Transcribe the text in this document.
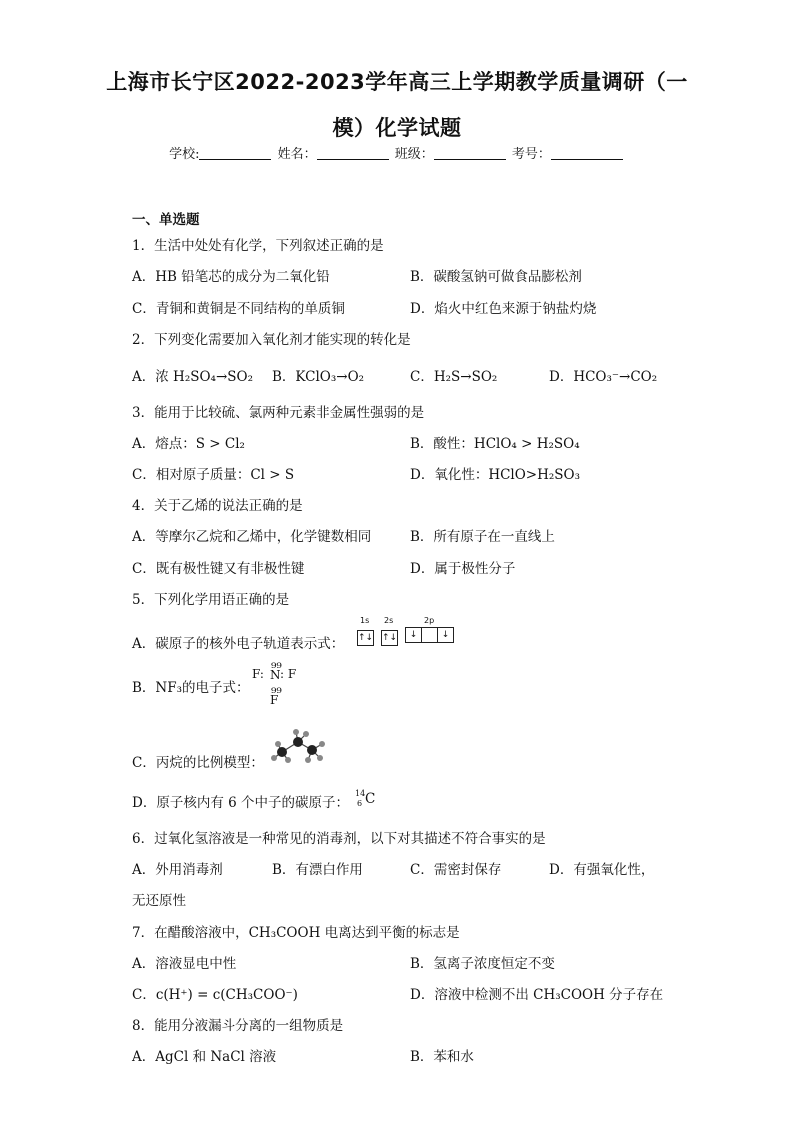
上海市长宁区2022-2023学年高三上学期教学质量调研（一
模）化学试题
学校:	姓名：	班级：	考号：
一、单选题
1．生活中处处有化学，下列叙述正确的是
A．HB 铅笔芯的成分为二氧化铅	B．碳酸氢钠可做食品膨松剂
C．青铜和黄铜是不同结构的单质铜	D．焰火中红色来源于钠盐灼烧
2．下列变化需要加入氧化剂才能实现的转化是
A．浓 H₂SO₄→SO₂ B．KClO₃→O₂	C．H₂S→SO₂	D．HCO₃⁻→CO₂
3．能用于比较硫、氯两种元素非金属性强弱的是
A．熔点：S > Cl₂	B．酸性：HClO₄ > H₂SO₄
C．相对原子质量：Cl > S	D．氧化性：HClO>H₂SO₃
4．关于乙烯的说法正确的是
A．等摩尔乙烷和乙烯中，化学键数相同	B．所有原子在一直线上
C．既有极性键又有非极性键	D．属于极性分子
5．下列化学用语正确的是
A．碳原子的核外电子轨道表示式：
1s 2s	2p
↑↓ ↑↓	↓	↓
B．NF₃的电子式：
F:
₉₉
N : F
₉₉
F
C．丙烷的比例模型：
D．原子核内有 6 个中子的碳原子：
14
6 C
6．过氧化氢溶液是一种常见的消毒剂，以下对其描述不符合事实的是
A．外用消毒剂	B．有漂白作用	C．需密封保存	D．有强氧化性，
无还原性
7．在醋酸溶液中，CH₃COOH 电离达到平衡的标志是
A．溶液显电中性	B．氢离子浓度恒定不变
C．c(H⁺) = c(CH₃COO⁻)	D．溶液中检测不出 CH₃COOH 分子存在
8．能用分液漏斗分离的一组物质是
A．AgCl 和 NaCl 溶液	B．苯和水
